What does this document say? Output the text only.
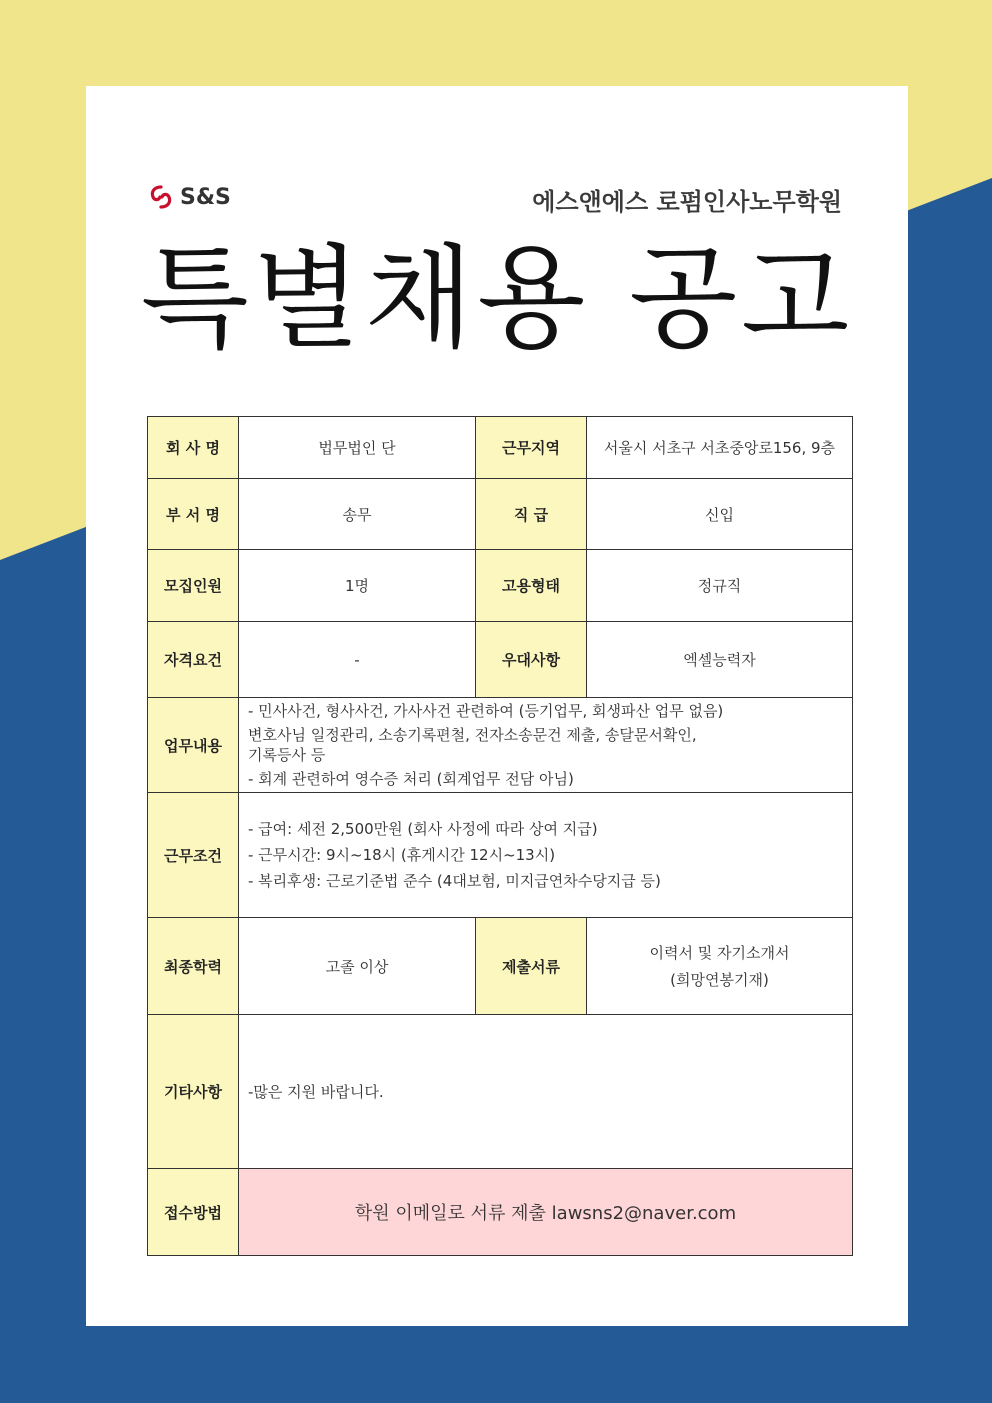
S&S	에스앤에스 로펌인사노무학원
특별채용 공고
회 사 명	법무법인 단	근무지역	서울시 서초구 서초중앙로156, 9층
부 서 명	송무	직 급	신입
모집인원	1명	고용형태	정규직
자격요건	-	우대사항	엑셀능력자
업무내용	- 민사사건, 형사사건, 가사사건 관련하여 (등기업무, 회생파산 업무 없음)
변호사님 일정관리, 소송기록편철, 전자소송문건 제출, 송달문서확인,
기록등사 등
- 회계 관련하여 영수증 처리 (회계업무 전담 아님)		

근무조건	- 급여: 세전 2,500만원 (회사 사정에 따라 상여 지급)
- 근무시간: 9시~18시 (휴게시간 12시~13시)
- 복리후생: 근로기준법 준수 (4대보험, 미지급연차수당지급 등)		

최종학력	고졸 이상	제출서류	이력서 및 자기소개서
(희망연봉기재)

기타사항	-많은 지원 바랍니다.		
접수방법	학원 이메일로 서류 제출 lawsns2@naver.com		
